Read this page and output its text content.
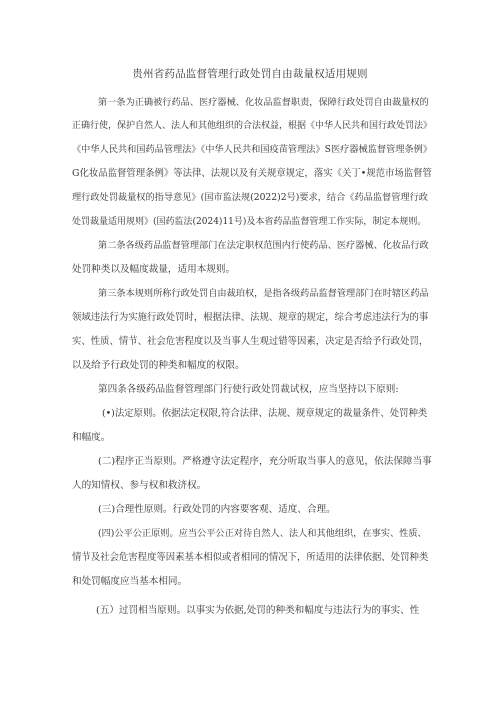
贵州省药品监督管理行政处罚自由裁量权适用规则
第一条为正确被行药品、医疗器械、化妆品监督职责，保障行政处罚自由裁量权的
正确行使，保护自然人、法人和其他组织的合法权益，根据《中华人民共和国行政处罚法》
《中华人民共和国药品管理法》《中华人民共和国疫苗管理法》S医疗器械监督管理条例》
G化妆品监督管理条例》等法律、法规以及有关规章规定，落实《关丁•规范市场监督管
理行政处罚裁量权的指导意见》(国市监法规(2022)2号)要求，结合《药品监督管理行政
处罚裁量适用规则》(国药监法(2024)11号)及本省药品监督管理工作实际，制定本规则。
第二条各级药品监督管理部门在法定职权范围内行使药品、医疗器械、化妆品行政
处罚种类以及幅度裁量，适用本规则。
第三条本规则所称行政处罚自由裁珀权，是指各级药品监督管理部门在时辖区药品
领域违法行为实施行政处罚时，根据法律、法规、规章的规定，综合考虑违法行为的事
实、性质、情节、社会危害程度以及当事人生观过错等因素，决定是否给予行政处罚，
以及给予行政处罚的种类和幅度的权限。
第四条各级药品监督管理部门行使行政处罚裁试权，应当坚持以下原则:
(•)法定原则。依据法定权限,符合法律、法规、规章规定的裁量条件、处罚种类
和幅度。
(二)程序正当原则。严格遵守法定程序，充分听取当事人的意见，依法保障当事
人的知情权、参与权和救济权。
(三)合理性原则。行政处罚的内容要客观、适度、合理。
(四)公平公正原则。应当公平公正对待自然人、法人和其他组织，在事实、性质、
情节及社会危害程度等因素基本相似或者相同的情况下，所适用的法律依据、处罚种类
和处罚幅度应当基本相同。
(五）过罚相当原则。以事实为依据,处罚的种类和幅度与违法行为的事实、性
